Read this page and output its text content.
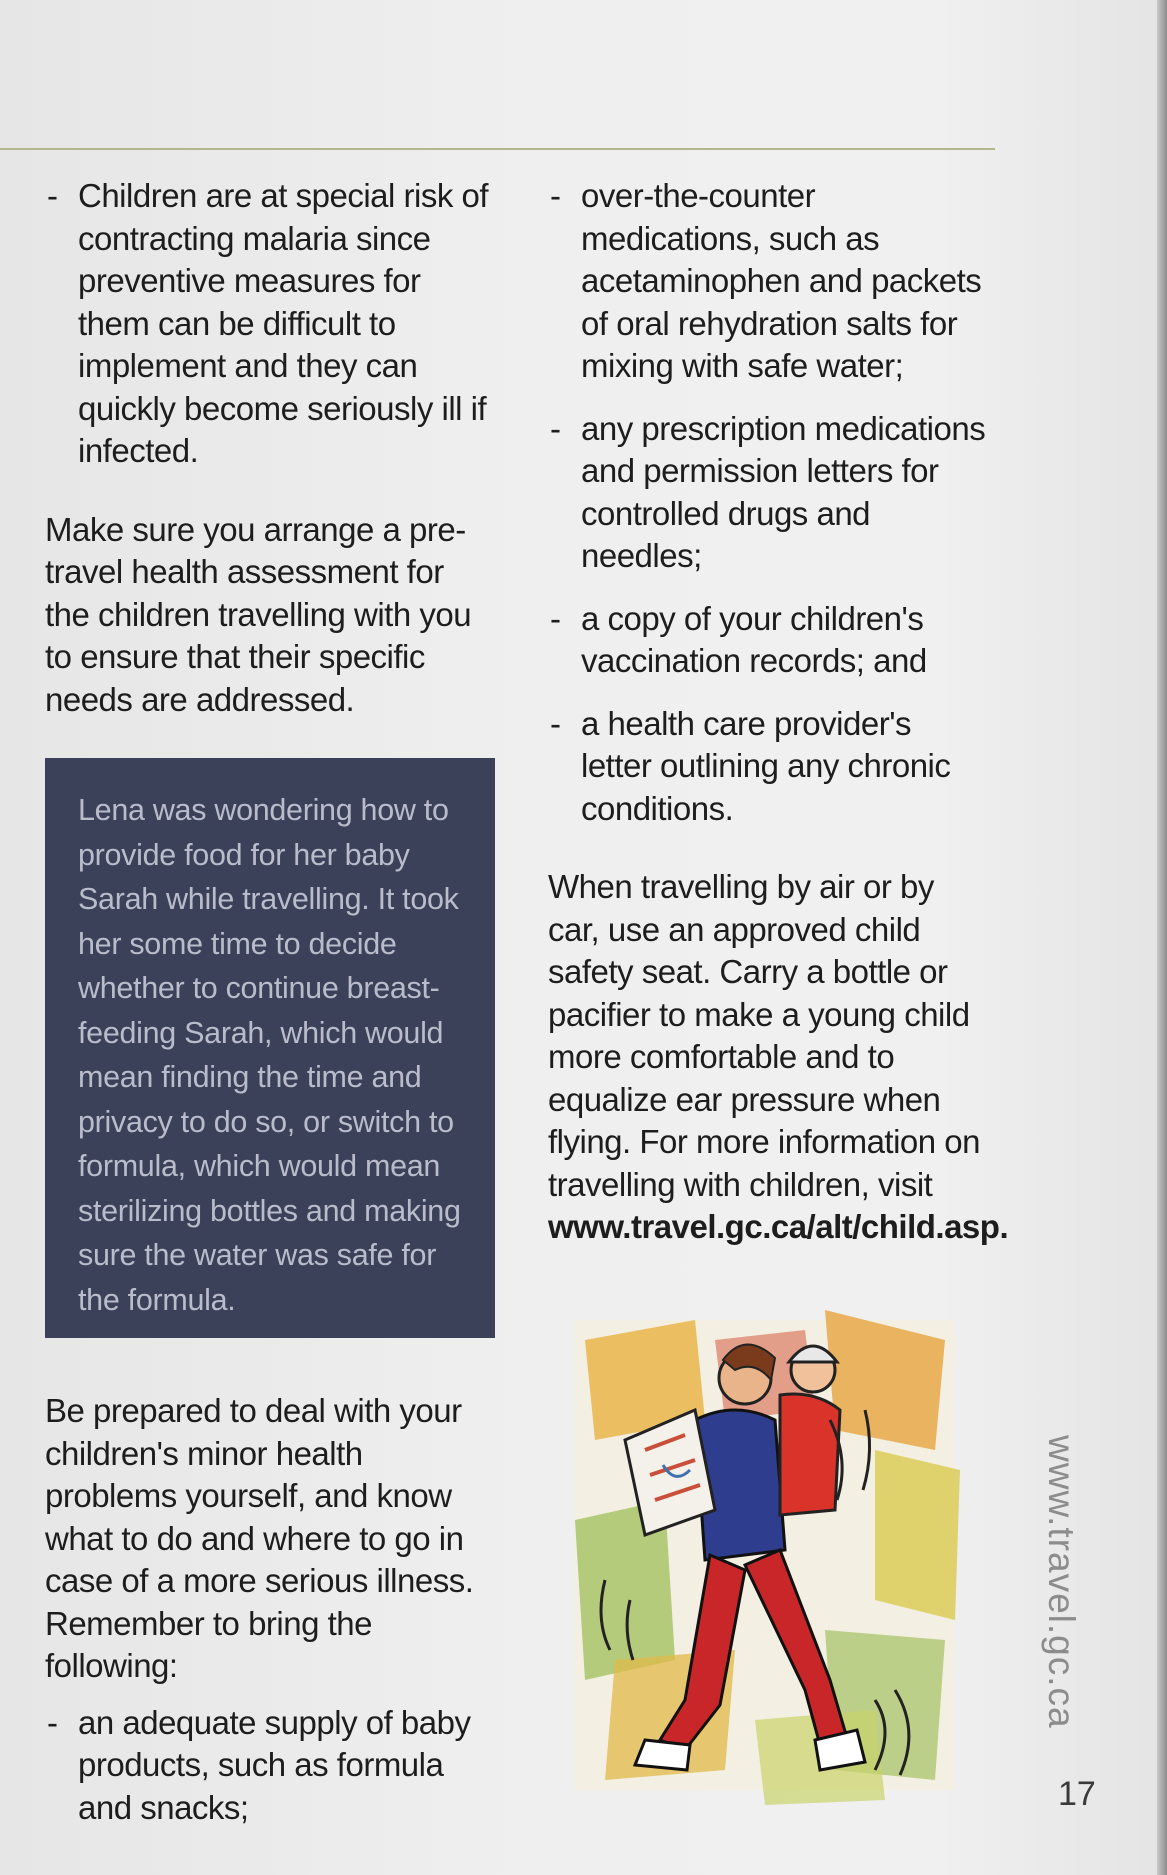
- Children are at special risk of contracting malaria since preventive measures for them can be difficult to implement and they can quickly become seriously ill if infected.

Make sure you arrange a pre-travel health assessment for the children travelling with you to ensure that their specific needs are addressed.

Lena was wondering how to provide food for her baby Sarah while travelling. It took her some time to decide whether to continue breast-feeding Sarah, which would mean finding the time and privacy to do so, or switch to formula, which would mean sterilizing bottles and making sure the water was safe for the formula.

Be prepared to deal with your children's minor health problems yourself, and know what to do and where to go in case of a more serious illness. Remember to bring the following:

- an adequate supply of baby products, such as formula and snacks;
- over-the-counter medications, such as acetaminophen and packets of oral rehydration salts for mixing with safe water;
- any prescription medications and permission letters for controlled drugs and needles;
- a copy of your children's vaccination records; and
- a health care provider's letter outlining any chronic conditions.

When travelling by air or by car, use an approved child safety seat. Carry a bottle or pacifier to make a young child more comfortable and to equalize ear pressure when flying. For more information on travelling with children, visit www.travel.gc.ca/alt/child.asp.

www.travel.gc.ca
17
